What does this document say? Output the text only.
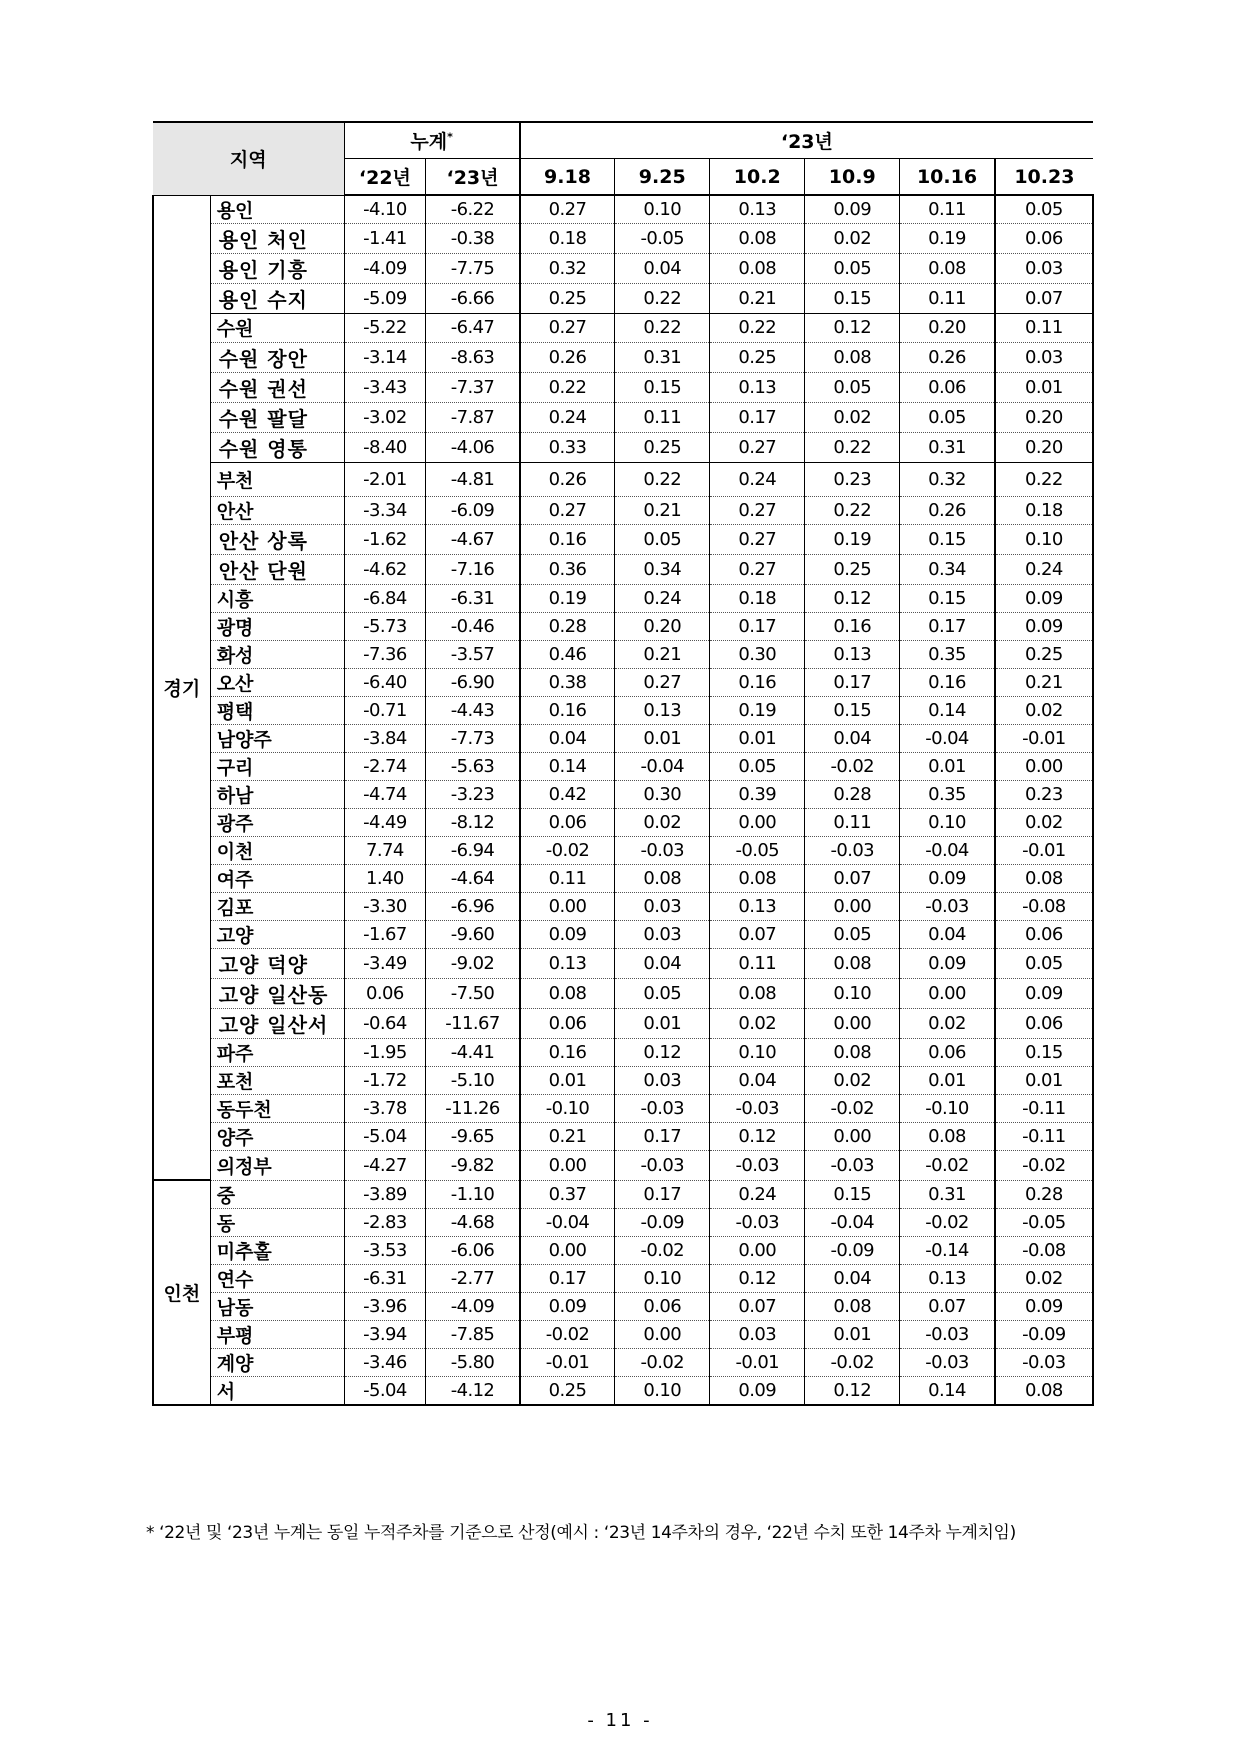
지역		누계*		‘23년					
		‘22년	‘23년	9.18	9.25	10.2	10.9	10.16	10.23
경기	용인	-4.10	-6.22	0.27	0.10	0.13	0.09	0.11	0.05
	용인 처인	-1.41	-0.38	0.18	-0.05	0.08	0.02	0.19	0.06
	용인 기흥	-4.09	-7.75	0.32	0.04	0.08	0.05	0.08	0.03
	용인 수지	-5.09	-6.66	0.25	0.22	0.21	0.15	0.11	0.07
	수원	-5.22	-6.47	0.27	0.22	0.22	0.12	0.20	0.11
	수원 장안	-3.14	-8.63	0.26	0.31	0.25	0.08	0.26	0.03
	수원 권선	-3.43	-7.37	0.22	0.15	0.13	0.05	0.06	0.01
	수원 팔달	-3.02	-7.87	0.24	0.11	0.17	0.02	0.05	0.20
	수원 영통	-8.40	-4.06	0.33	0.25	0.27	0.22	0.31	0.20
	부천	-2.01	-4.81	0.26	0.22	0.24	0.23	0.32	0.22
	안산	-3.34	-6.09	0.27	0.21	0.27	0.22	0.26	0.18
	안산 상록	-1.62	-4.67	0.16	0.05	0.27	0.19	0.15	0.10
	안산 단원	-4.62	-7.16	0.36	0.34	0.27	0.25	0.34	0.24
	시흥	-6.84	-6.31	0.19	0.24	0.18	0.12	0.15	0.09
	광명	-5.73	-0.46	0.28	0.20	0.17	0.16	0.17	0.09
	화성	-7.36	-3.57	0.46	0.21	0.30	0.13	0.35	0.25
	오산	-6.40	-6.90	0.38	0.27	0.16	0.17	0.16	0.21
	평택	-0.71	-4.43	0.16	0.13	0.19	0.15	0.14	0.02
	남양주	-3.84	-7.73	0.04	0.01	0.01	0.04	-0.04	-0.01
	구리	-2.74	-5.63	0.14	-0.04	0.05	-0.02	0.01	0.00
	하남	-4.74	-3.23	0.42	0.30	0.39	0.28	0.35	0.23
	광주	-4.49	-8.12	0.06	0.02	0.00	0.11	0.10	0.02
	이천	7.74	-6.94	-0.02	-0.03	-0.05	-0.03	-0.04	-0.01
	여주	1.40	-4.64	0.11	0.08	0.08	0.07	0.09	0.08
	김포	-3.30	-6.96	0.00	0.03	0.13	0.00	-0.03	-0.08
	고양	-1.67	-9.60	0.09	0.03	0.07	0.05	0.04	0.06
	고양 덕양	-3.49	-9.02	0.13	0.04	0.11	0.08	0.09	0.05
	고양 일산동	0.06	-7.50	0.08	0.05	0.08	0.10	0.00	0.09
	고양 일산서	-0.64	-11.67	0.06	0.01	0.02	0.00	0.02	0.06
	파주	-1.95	-4.41	0.16	0.12	0.10	0.08	0.06	0.15
	포천	-1.72	-5.10	0.01	0.03	0.04	0.02	0.01	0.01
	동두천	-3.78	-11.26	-0.10	-0.03	-0.03	-0.02	-0.10	-0.11
	양주	-5.04	-9.65	0.21	0.17	0.12	0.00	0.08	-0.11
	의정부	-4.27	-9.82	0.00	-0.03	-0.03	-0.03	-0.02	-0.02
인천	중	-3.89	-1.10	0.37	0.17	0.24	0.15	0.31	0.28
	동	-2.83	-4.68	-0.04	-0.09	-0.03	-0.04	-0.02	-0.05
	미추홀	-3.53	-6.06	0.00	-0.02	0.00	-0.09	-0.14	-0.08
	연수	-6.31	-2.77	0.17	0.10	0.12	0.04	0.13	0.02
	남동	-3.96	-4.09	0.09	0.06	0.07	0.08	0.07	0.09
	부평	-3.94	-7.85	-0.02	0.00	0.03	0.01	-0.03	-0.09
	계양	-3.46	-5.80	-0.01	-0.02	-0.01	-0.02	-0.03	-0.03
	서	-5.04	-4.12	0.25	0.10	0.09	0.12	0.14	0.08
* ‘22년 및 ‘23년 누계는 동일 누적주차를 기준으로 산정(예시 : ‘23년 14주차의 경우, ‘22년 수치 또한 14주차 누계치임)
- 11 -
